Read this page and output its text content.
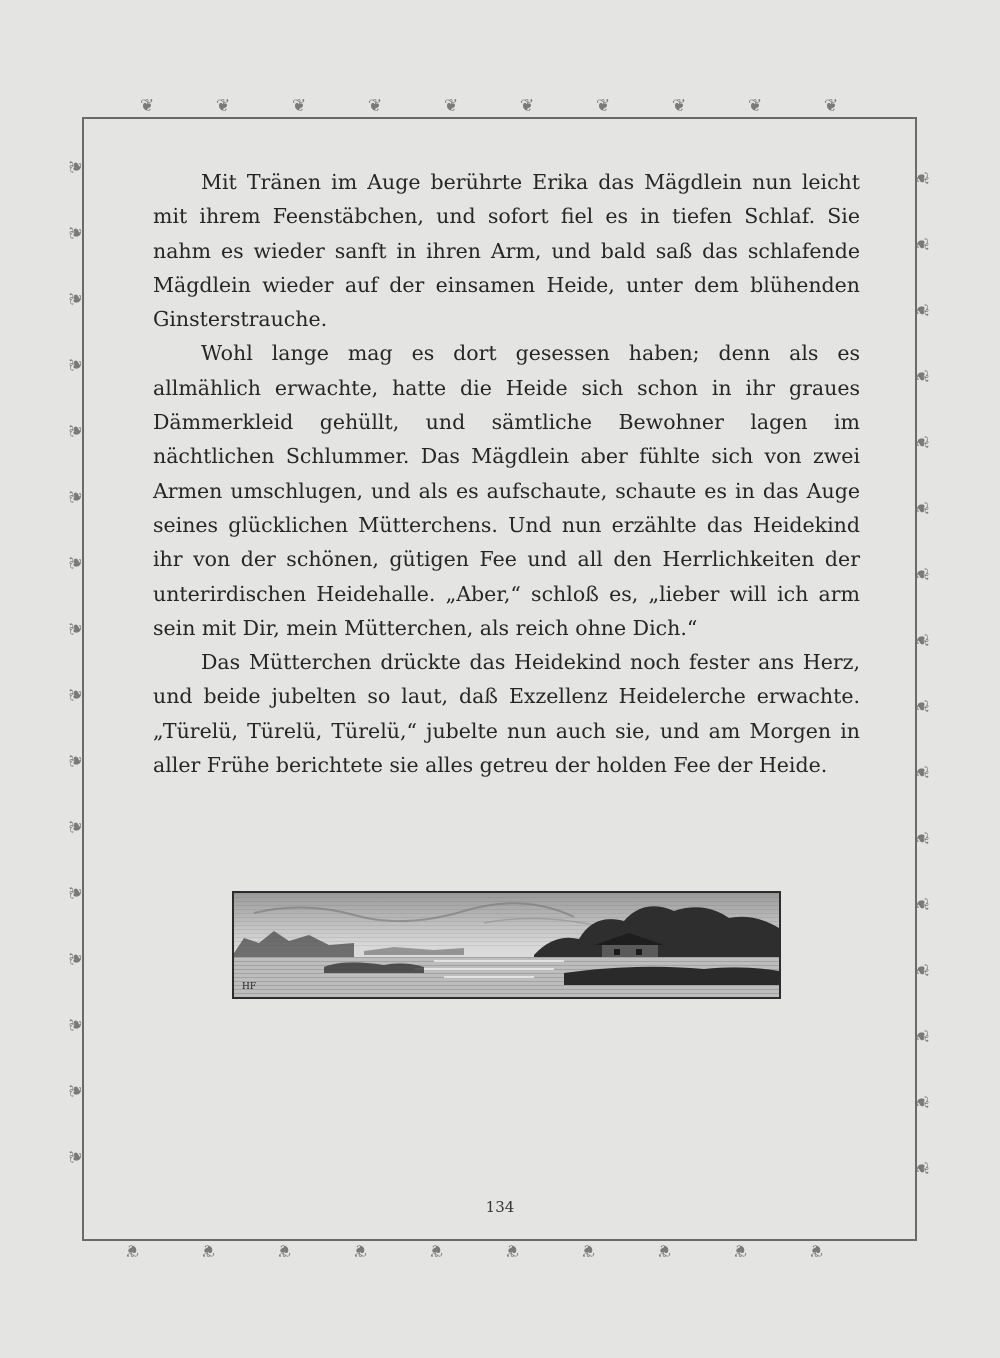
❦	❦	❦	❦	❦	❦	❦	❦	❦	❦
❦	❦	❦	❦	❦	❦	❦	❦	❦	❦
❦
❦
❦
❦
❦
❦
❦
❦
❦
❦
❦
❦
❦
❦
❦
❦
❦
❦
❦
❦
❦
❦
❦
❦
❦
❦
❦
❦
❦
❦
❦
❦

Mit Tränen im Auge berührte Erika das Mägdlein nun leicht mit ihrem Feenstäbchen, und sofort fiel es in tiefen Schlaf. Sie nahm es wieder sanft in ihren Arm, und bald saß das schlafende Mägdlein wieder auf der einsamen Heide, unter dem blühenden Ginsterstrauche.

Wohl lange mag es dort gesessen haben; denn als es allmählich erwachte, hatte die Heide sich schon in ihr graues Dämmerkleid gehüllt, und sämtliche Bewohner lagen im nächtlichen Schlummer. Das Mägdlein aber fühlte sich von zwei Armen umschlugen, und als es aufschaute, schaute es in das Auge seines glücklichen Mütterchens. Und nun erzählte das Heidekind ihr von der schönen, gütigen Fee und all den Herrlichkeiten der unterirdischen Heidehalle. „Aber,“ schloß es, „lieber will ich arm sein mit Dir, mein Mütterchen, als reich ohne Dich.“

Das Mütterchen drückte das Heidekind noch fester ans Herz, und beide jubelten so laut, daß Exzellenz Heidelerche erwachte. „Türelü, Türelü, Türelü,“ jubelte nun auch sie, und am Morgen in aller Frühe berichtete sie alles getreu der holden Fee der Heide.

HF
134
